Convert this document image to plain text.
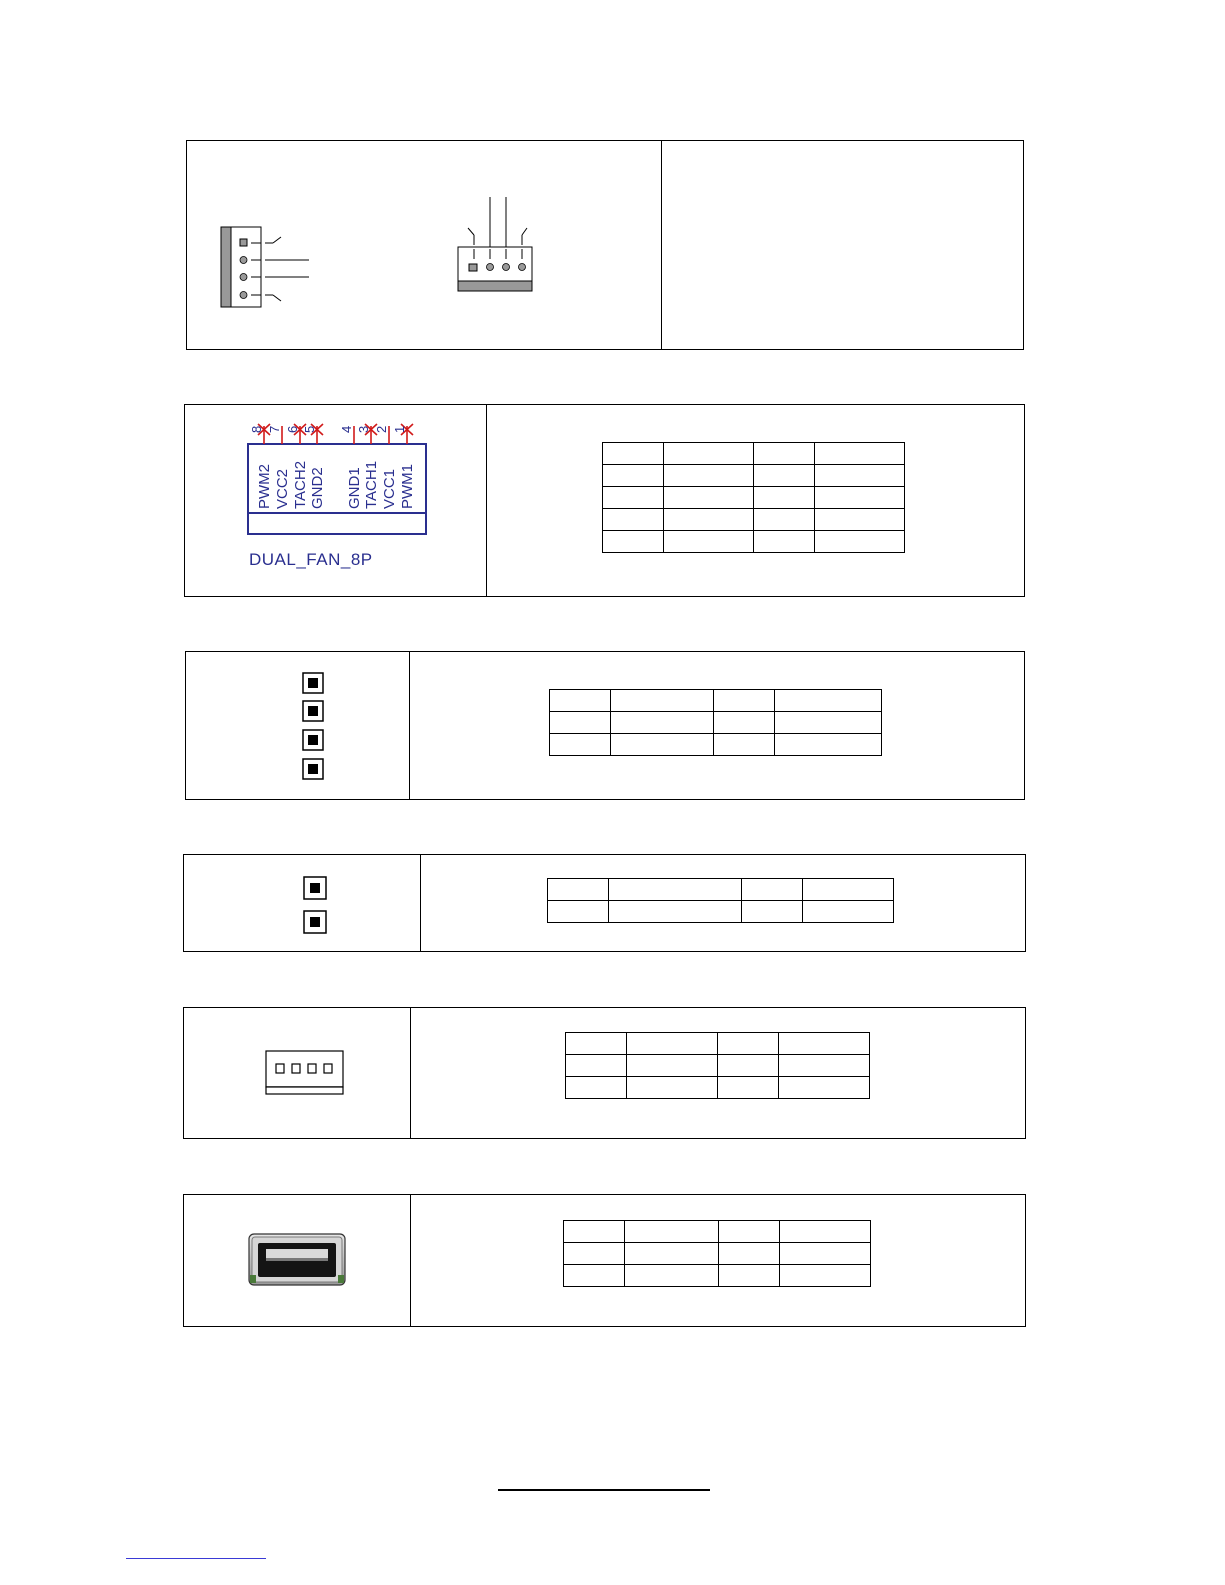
8 6 5 4 3 2 1
7
PWM2 VCC2 TACH2 GND2 GND1 TACH1 VCC1 PWM1
DUAL_FAN_8P
